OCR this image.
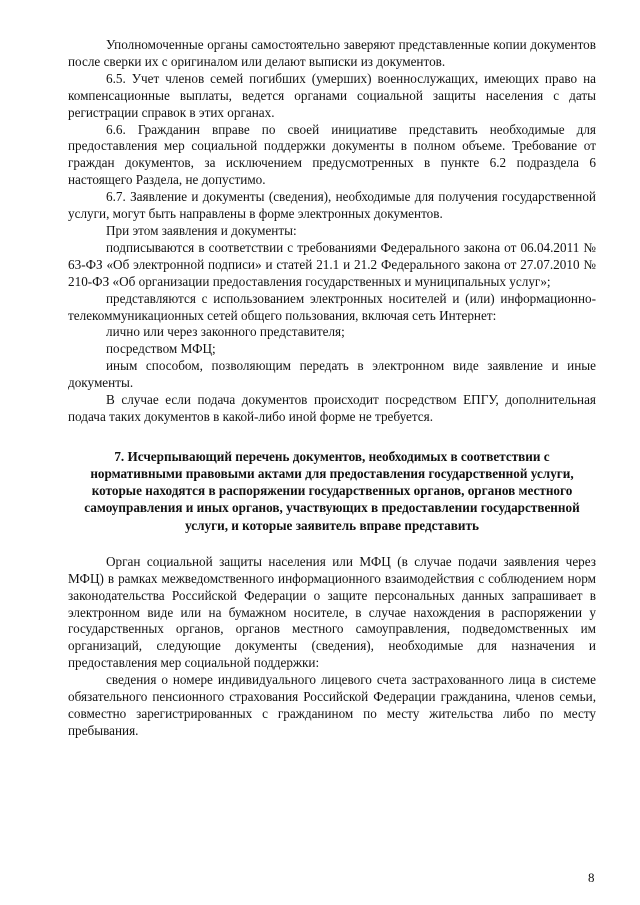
Уполномоченные органы самостоятельно заверяют представленные копии документов после сверки их с оригиналом или делают выписки из документов.

6.5. Учет членов семей погибших (умерших) военнослужащих, имеющих право на компенсационные выплаты, ведется органами социальной защиты населения с даты регистрации справок в этих органах.

6.6. Гражданин вправе по своей инициативе представить необходимые для предоставления мер социальной поддержки документы в полном объеме. Требование от граждан документов, за исключением предусмотренных в пункте 6.2 подраздела 6 настоящего Раздела, не допустимо.

6.7. Заявление и документы (сведения), необходимые для получения государственной услуги, могут быть направлены в форме электронных документов.

При этом заявления и документы:

подписываются в соответствии с требованиями Федерального закона от 06.04.2011 № 63-ФЗ «Об электронной подписи» и статей 21.1 и 21.2 Федерального закона от 27.07.2010 № 210-ФЗ «Об организации предоставления государственных и муниципальных услуг»;

представляются с использованием электронных носителей и (или) информационно-телекоммуникационных сетей общего пользования, включая сеть Интернет:

лично или через законного представителя;

посредством МФЦ;

иным способом, позволяющим передать в электронном виде заявление и иные документы.

В случае если подача документов происходит посредством ЕПГУ, дополнительная подача таких документов в какой-либо иной форме не требуется.

7. Исчерпывающий перечень документов, необходимых в соответствии с нормативными правовыми актами для предоставления государственной услуги, которые находятся в распоряжении государственных органов, органов местного самоуправления и иных органов, участвующих в предоставлении государственной услуги, и которые заявитель вправе представить

Орган социальной защиты населения или МФЦ (в случае подачи заявления через МФЦ) в рамках межведомственного информационного взаимодействия с соблюдением норм законодательства Российской Федерации о защите персональных данных запрашивает в электронном виде или на бумажном носителе, в случае нахождения в распоряжении у государственных органов, органов местного самоуправления, подведомственных им организаций, следующие документы (сведения), необходимые для назначения и предоставления мер социальной поддержки:

сведения о номере индивидуального лицевого счета застрахованного лица в системе обязательного пенсионного страхования Российской Федерации гражданина, членов семьи, совместно зарегистрированных с гражданином по месту жительства либо по месту пребывания.

8
